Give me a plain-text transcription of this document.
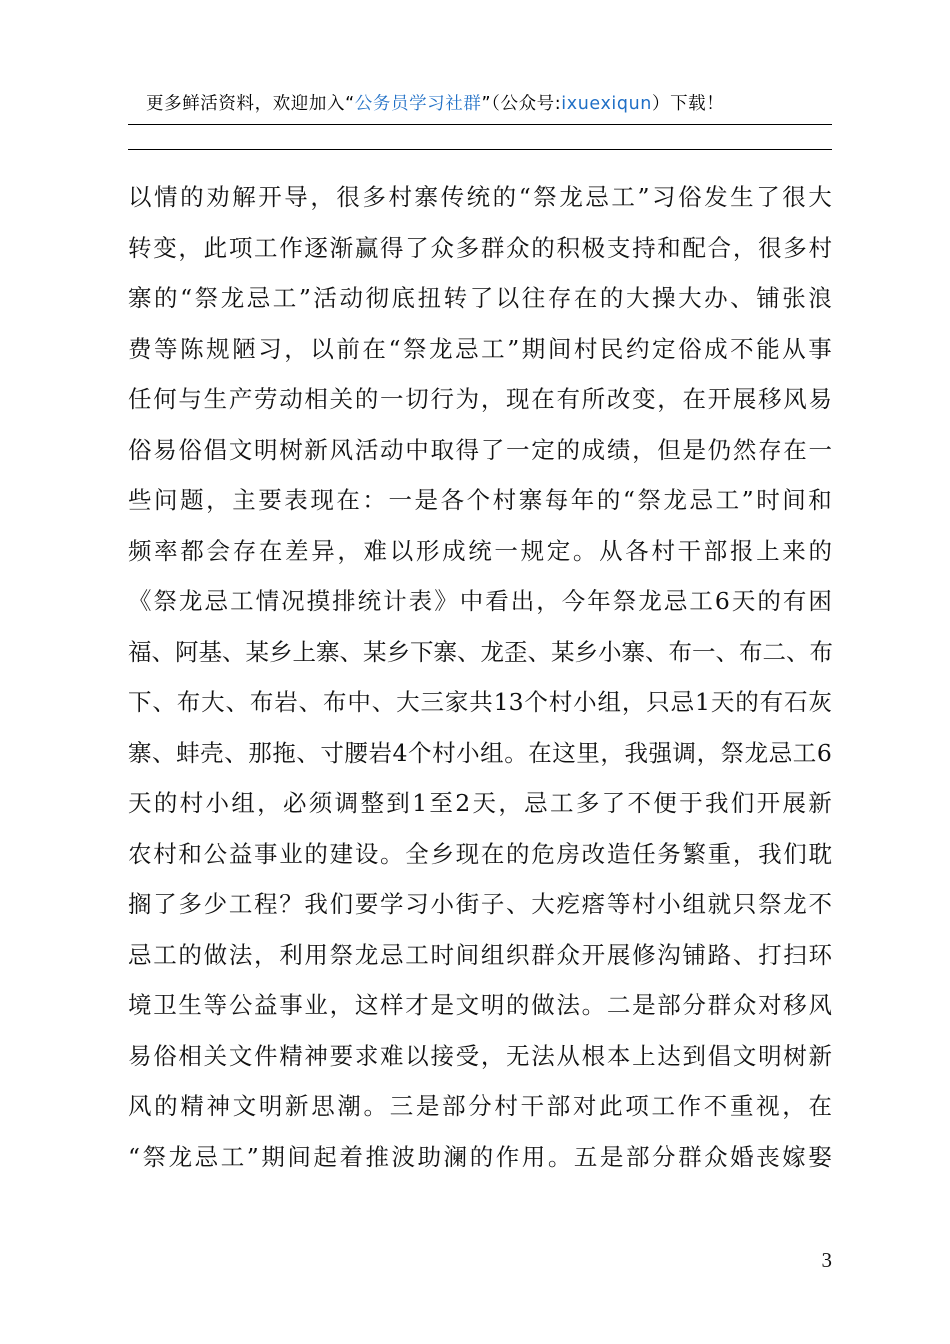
更多鲜活资料，欢迎加入“公务员学习社群”（公众号:ixuexiqun）下载！
以 情 的 劝 解 开 导 ， 很 多 村 寨 传 统 的 “ 祭 龙 忌 工 ” 习 俗 发 生 了 很 大
转 变 ， 此 项 工 作 逐 渐 赢 得 了 众 多 群 众 的 积 极 支 持 和 配 合 ， 很 多 村
寨 的 “ 祭 龙 忌 工 ” 活 动 彻 底 扭 转 了 以 往 存 在 的 大 操 大 办 、 铺 张 浪
费 等 陈 规 陋 习 ， 以 前 在 “ 祭 龙 忌 工 ” 期 间 村 民 约 定 俗 成 不 能 从 事
任 何 与 生 产 劳 动 相 关 的 一 切 行 为 ， 现 在 有 所 改 变 ， 在 开 展 移 风 易
俗 易 俗 倡 文 明 树 新 风 活 动 中 取 得 了 一 定 的 成 绩 ， 但 是 仍 然 存 在 一
些 问 题 ， 主 要 表 现 在 ： 一 是 各 个 村 寨 每 年 的 “ 祭 龙 忌 工 ” 时 间 和
频 率 都 会 存 在 差 异 ， 难 以 形 成 统 一 规 定 。 从 各 村 干 部 报 上 来 的
《 祭 龙 忌 工 情 况 摸 排 统 计 表 》 中 看 出 ， 今 年 祭 龙 忌 工 6 天 的 有 困
福 、 阿 基 、 某 乡 上 寨 、 某 乡 下 寨 、 龙 歪 、 某 乡 小 寨 、 布 一 、 布 二 、 布
下 、 布 大 、 布 岩 、 布 中 、 大 三 家 共 13 个 村 小 组 ， 只 忌 1 天 的 有 石 灰
寨 、 蚌 壳 、 那 拖 、 寸 腰 岩 4 个 村 小 组 。 在 这 里 ， 我 强 调 ， 祭 龙 忌 工 6
天 的 村 小 组 ， 必 须 调 整 到 1 至 2 天 ， 忌 工 多 了 不 便 于 我 们 开 展 新
农 村 和 公 益 事 业 的 建 设 。 全 乡 现 在 的 危 房 改 造 任 务 繁 重 ， 我 们 耽
搁 了 多 少 工 程 ？ 我 们 要 学 习 小 街 子 、 大 疙 瘩 等 村 小 组 就 只 祭 龙 不
忌 工 的 做 法 ， 利 用 祭 龙 忌 工 时 间 组 织 群 众 开 展 修 沟 铺 路 、 打 扫 环
境 卫 生 等 公 益 事 业 ， 这 样 才 是 文 明 的 做 法 。 二 是 部 分 群 众 对 移 风
易 俗 相 关 文 件 精 神 要 求 难 以 接 受 ， 无 法 从 根 本 上 达 到 倡 文 明 树 新
风 的 精 神 文 明 新 思 潮 。 三 是 部 分 村 干 部 对 此 项 工 作 不 重 视 ， 在
“ 祭 龙 忌 工 ” 期 间 起 着 推 波 助 澜 的 作 用 。 五 是 部 分 群 众 婚 丧 嫁 娶
3
